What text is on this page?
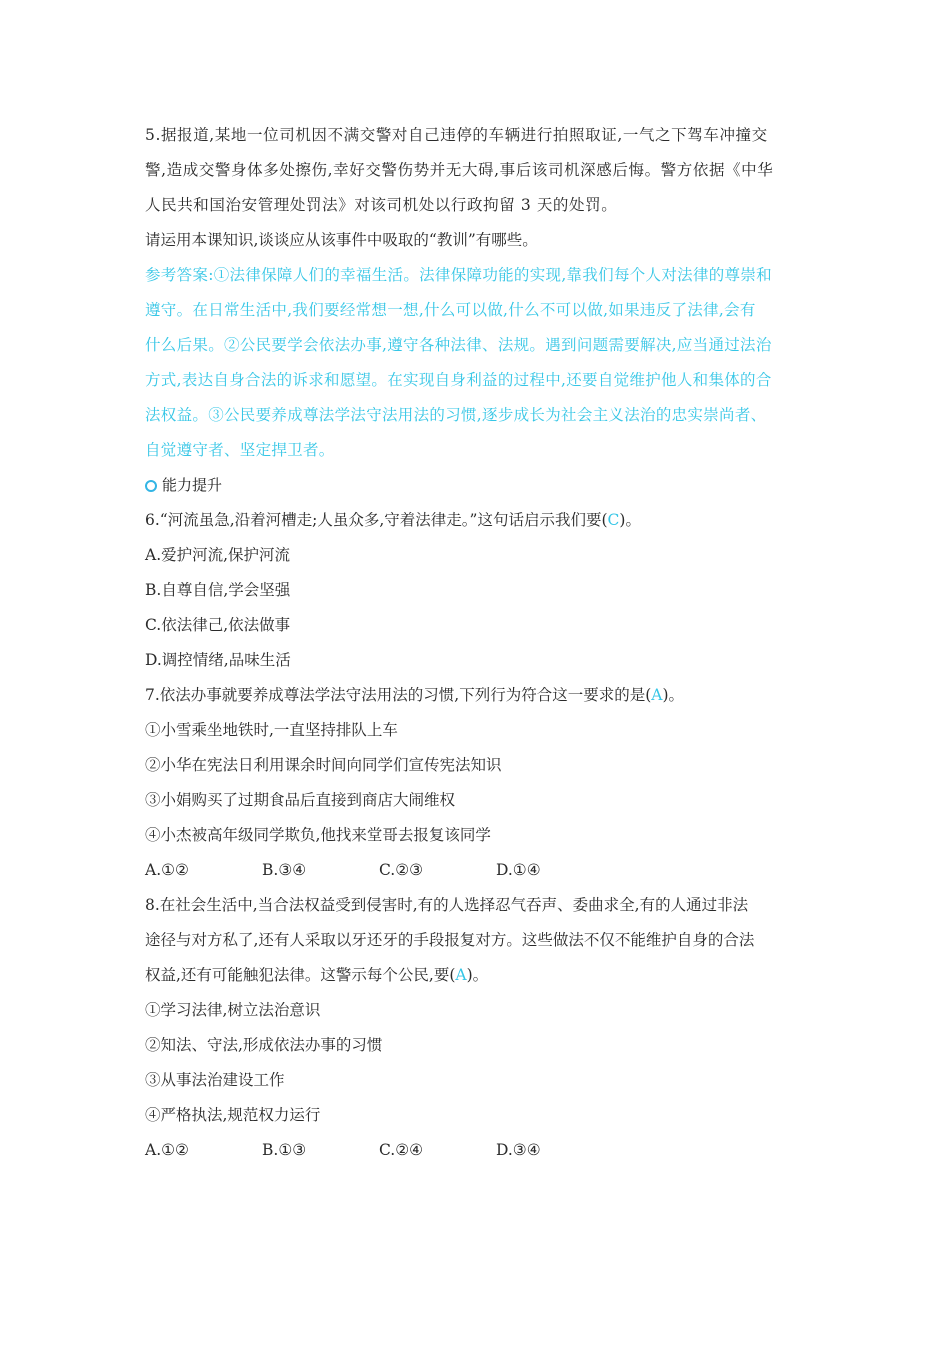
5.据报道,某地一位司机因不满交警对自己违停的车辆进行拍照取证,一气之下驾车冲撞交
警,造成交警身体多处擦伤,幸好交警伤势并无大碍,事后该司机深感后悔。警方依据《中华
人民共和国治安管理处罚法》对该司机处以行政拘留 3 天的处罚。
请运用本课知识,谈谈应从该事件中吸取的“教训”有哪些。
参考答案:①法律保障人们的幸福生活。法律保障功能的实现,靠我们每个人对法律的尊崇和
遵守。在日常生活中,我们要经常想一想,什么可以做,什么不可以做,如果违反了法律,会有
什么后果。②公民要学会依法办事,遵守各种法律、法规。遇到问题需要解决,应当通过法治
方式,表达自身合法的诉求和愿望。在实现自身利益的过程中,还要自觉维护他人和集体的合
法权益。③公民要养成尊法学法守法用法的习惯,逐步成长为社会主义法治的忠实崇尚者、
自觉遵守者、坚定捍卫者。
能力提升
6.“河流虽急,沿着河槽走;人虽众多,守着法律走。”这句话启示我们要(C)。
A.爱护河流,保护河流
B.自尊自信,学会坚强
C.依法律己,依法做事
D.调控情绪,品味生活
7.依法办事就要养成尊法学法守法用法的习惯,下列行为符合这一要求的是(A)。
①小雪乘坐地铁时,一直坚持排队上车
②小华在宪法日利用课余时间向同学们宣传宪法知识
③小娟购买了过期食品后直接到商店大闹维权
④小杰被高年级同学欺负,他找来堂哥去报复该同学
A.①②	B.③④	C.②③	D.①④
8.在社会生活中,当合法权益受到侵害时,有的人选择忍气吞声、委曲求全,有的人通过非法
途径与对方私了,还有人采取以牙还牙的手段报复对方。这些做法不仅不能维护自身的合法
权益,还有可能触犯法律。这警示每个公民,要(A)。
①学习法律,树立法治意识
②知法、守法,形成依法办事的习惯
③从事法治建设工作
④严格执法,规范权力运行
A.①②	B.①③	C.②④	D.③④
